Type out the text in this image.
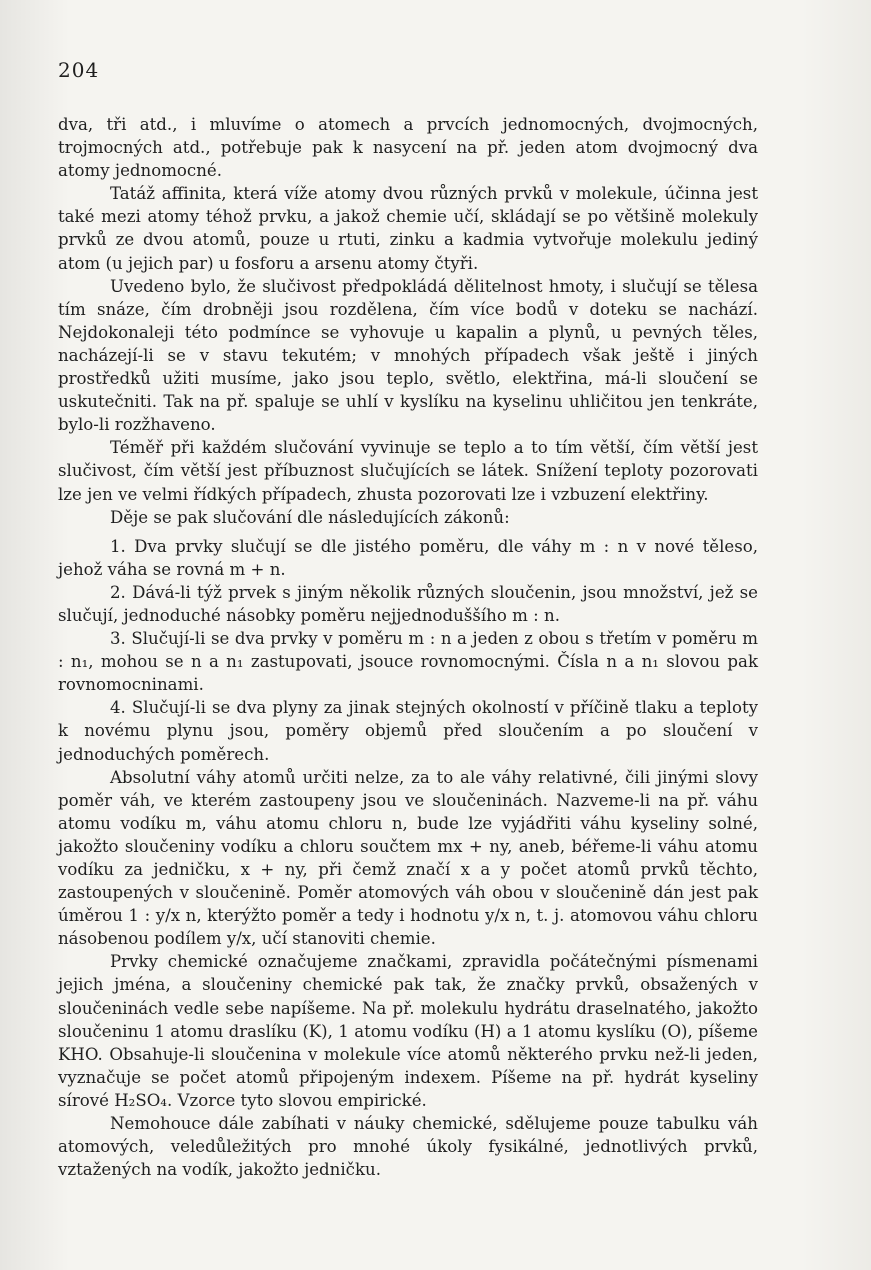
204

dva, tři atd., i mluvíme o atomech a prvcích jednomocných, dvojmocných, trojmocných atd., potřebuje pak k nasycení na př. jeden atom dvojmocný dva atomy jednomocné.

Tatáž affinita, která víže atomy dvou různých prvků v molekule, účinna jest také mezi atomy téhož prvku, a jakož chemie učí, skládají se po většině molekuly prvků ze dvou atomů, pouze u rtuti, zinku a kadmia vytvořuje molekulu jediný atom (u jejich par) u fosforu a arsenu atomy čtyři.

Uvedeno bylo, že slučivost předpokládá dělitelnost hmoty, i slučují se tělesa tím snáze, čím drobněji jsou rozdělena, čím více bodů v doteku se nachází. Nejdokonaleji této podmínce se vyhovuje u kapalin a plynů, u pevných těles, nacházejí-li se v stavu tekutém; v mnohých případech však ještě i jiných prostředků užiti musíme, jako jsou teplo, světlo, elektřina, má-li sloučení se uskutečniti. Tak na př. spaluje se uhlí v kyslíku na kyselinu uhličitou jen tenkráte, bylo-li rozžhaveno.

Téměř při každém slučování vyvinuje se teplo a to tím větší, čím větší jest slučivost, čím větší jest příbuznost slučujících se látek. Snížení teploty pozorovati lze jen ve velmi řídkých případech, zhusta pozorovati lze i vzbuzení elektřiny.

Děje se pak slučování dle následujících zákonů:

1. Dva prvky slučují se dle jistého poměru, dle váhy m : n v nové těleso, jehož váha se rovná m + n.

2. Dává-li týž prvek s jiným několik různých sloučenin, jsou množství, jež se slučují, jednoduché násobky poměru nejjednoduššího m : n.

3. Slučují-li se dva prvky v poměru m : n a jeden z obou s třetím v poměru m : n₁, mohou se n a n₁ zastupovati, jsouce rovnomocnými. Čísla n a n₁ slovou pak rovnomocninami.

4. Slučují-li se dva plyny za jinak stejných okolností v příčině tlaku a teploty k novému plynu jsou, poměry objemů před sloučením a po sloučení v jednoduchých poměrech.

Absolutní váhy atomů určiti nelze, za to ale váhy relativné, čili jinými slovy poměr váh, ve kterém zastoupeny jsou ve sloučeninách. Nazveme-li na př. váhu atomu vodíku m, váhu atomu chloru n, bude lze vyjádřiti váhu kyseliny solné, jakožto sloučeniny vodíku a chloru součtem mx + ny, aneb, béřeme-li váhu atomu vodíku za jedničku, x + ny, při čemž značí x a y počet atomů prvků těchto, zastoupených v sloučenině. Poměr atomových váh obou v sloučenině dán jest pak úměrou 1 : y/x n, kterýžto poměr a tedy i hodnotu y/x n, t. j. atomovou váhu chloru násobenou podílem y/x, učí stanoviti chemie.

Prvky chemické označujeme značkami, zpravidla počátečnými písmenami jejich jména, a sloučeniny chemické pak tak, že značky prvků, obsažených v sloučeninách vedle sebe napíšeme. Na př. molekulu hydrátu draselnatého, jakožto sloučeninu 1 atomu draslíku (K), 1 atomu vodíku (H) a 1 atomu kyslíku (O), píšeme KHO. Obsahuje-li sloučenina v molekule více atomů některého prvku než-li jeden, vyznačuje se počet atomů připojeným indexem. Píšeme na př. hydrát kyseliny sírové H₂SO₄. Vzorce tyto slovou empirické.

Nemohouce dále zabíhati v náuky chemické, sdělujeme pouze tabulku váh atomových, veledůležitých pro mnohé úkoly fysikálné, jednotlivých prvků, vztažených na vodík, jakožto jedničku.
